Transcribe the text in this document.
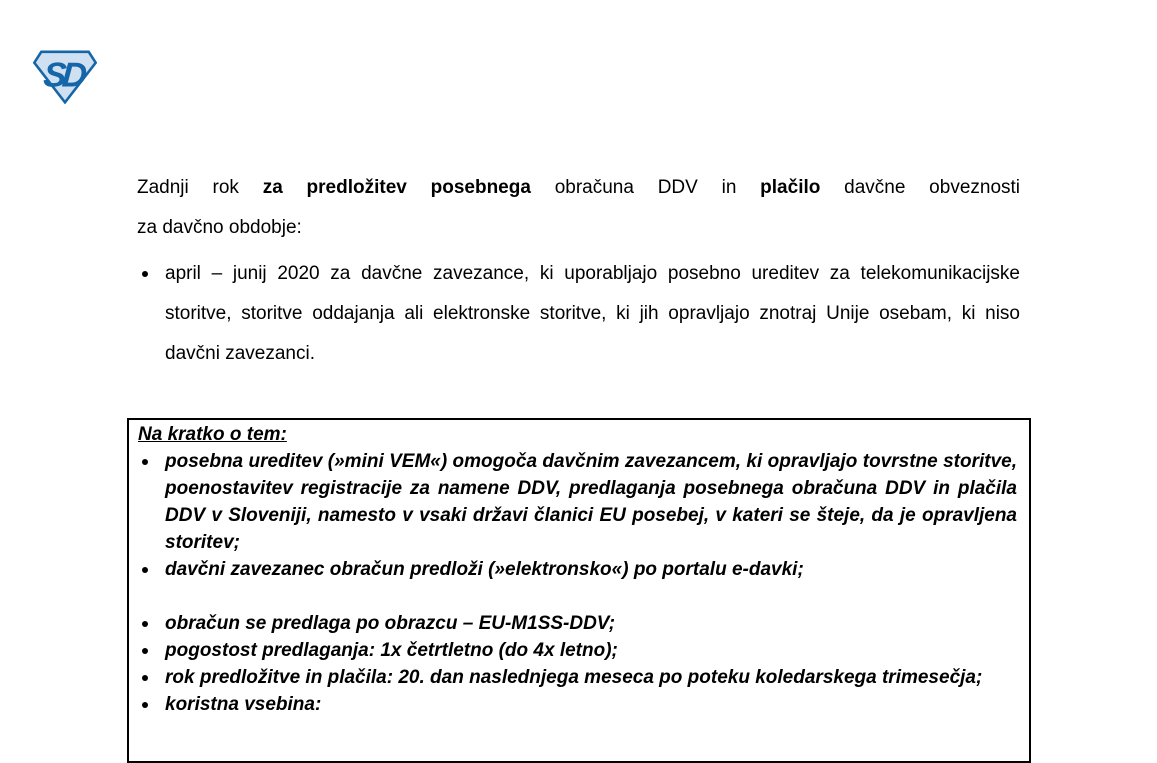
SD
Zadnji rok za predložitev posebnega obračuna DDV in plačilo davčne obveznosti
za davčno obdobje:
april – junij 2020 za davčne zavezance, ki uporabljajo posebno ureditev za telekomunikacijske storitve, storitve oddajanja ali elektronske storitve, ki jih opravljajo znotraj Unije osebam, ki niso davčni zavezanci.
Na kratko o tem:
posebna ureditev (»mini VEM«) omogoča davčnim zavezancem, ki opravljajo tovrstne storitve, poenostavitev registracije za namene DDV, predlaganja posebnega obračuna DDV in plačila DDV v Sloveniji, namesto v vsaki državi članici EU posebej, v kateri se šteje, da je opravljena storitev;
davčni zavezanec obračun predloži (»elektronsko«) po portalu e-davki;
obračun se predlaga po obrazcu – EU-M1SS-DDV;
pogostost predlaganja: 1x četrtletno (do 4x letno);
rok predložitve in plačila: 20. dan naslednjega meseca po poteku koledarskega trimesečja;
koristna vsebina:
